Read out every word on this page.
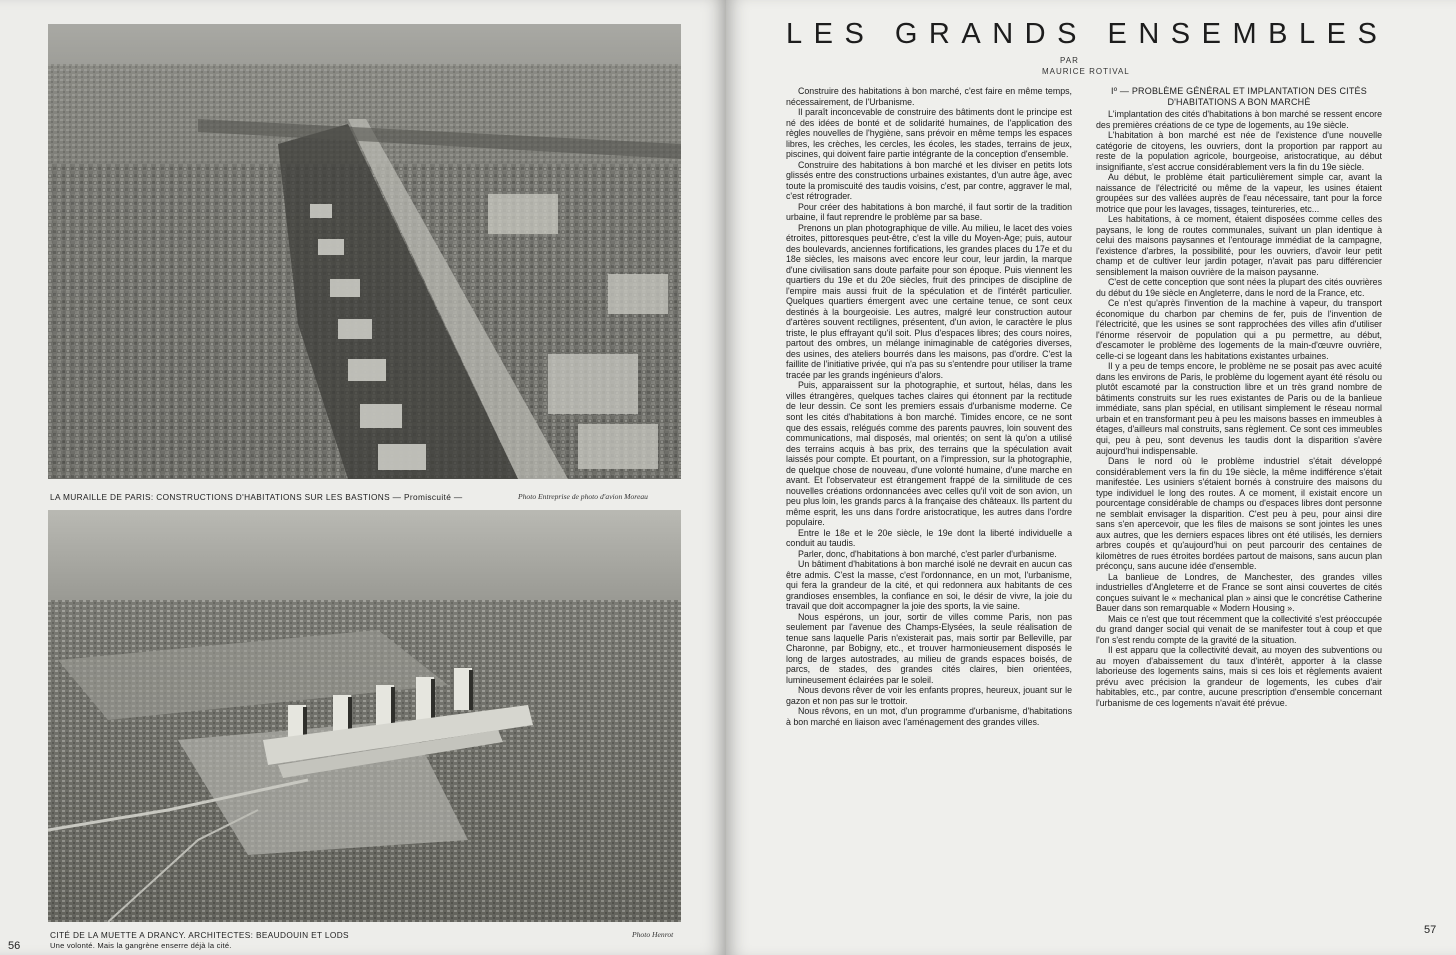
LA MURAILLE DE PARIS: CONSTRUCTIONS D'HABITATIONS SUR LES BASTIONS — Promiscuité —	Photo Entreprise de photo d'avion Moreau
CITÉ DE LA MUETTE A DRANCY. ARCHITECTES: BEAUDOUIN ET LODS
Une volonté. Mais la gangrène enserre déjà la cité.
Photo Henrot
56
LES GRANDS ENSEMBLES
PAR
MAURICE ROTIVAL

Construire des habitations à bon marché, c'est faire en même temps, nécessairement, de l'Urbanisme.

Il paraît inconcevable de construire des bâtiments dont le principe est né des idées de bonté et de solidarité humaines, de l'application des règles nouvelles de l'hygiène, sans prévoir en même temps les espaces libres, les crèches, les cercles, les écoles, les stades, terrains de jeux, piscines, qui doivent faire partie intégrante de la conception d'ensemble.

Construire des habitations à bon marché et les diviser en petits lots glissés entre des constructions urbaines existantes, d'un autre âge, avec toute la promiscuité des taudis voisins, c'est, par contre, aggraver le mal, c'est rétrograder.

Pour créer des habitations à bon marché, il faut sortir de la tradition urbaine, il faut reprendre le problème par sa base.

Prenons un plan photographique de ville. Au milieu, le lacet des voies étroites, pittoresques peut-être, c'est la ville du Moyen-Age; puis, autour des boulevards, anciennes fortifications, les grandes places du 17e et du 18e siècles, les maisons avec encore leur cour, leur jardin, la marque d'une civilisation sans doute parfaite pour son époque. Puis viennent les quartiers du 19e et du 20e siècles, fruit des principes de discipline de l'empire mais aussi fruit de la spéculation et de l'intérêt particulier. Quelques quartiers émergent avec une certaine tenue, ce sont ceux destinés à la bourgeoisie. Les autres, malgré leur construction autour d'artères souvent rectilignes, présentent, d'un avion, le caractère le plus triste, le plus effrayant qu'il soit. Plus d'espaces libres; des cours noires, partout des ombres, un mélange inimaginable de catégories diverses, des usines, des ateliers bourrés dans les maisons, pas d'ordre. C'est la faillite de l'initiative privée, qui n'a pas su s'entendre pour utiliser la trame tracée par les grands ingénieurs d'alors.

Puis, apparaissent sur la photographie, et surtout, hélas, dans les villes étrangères, quelques taches claires qui étonnent par la rectitude de leur dessin. Ce sont les premiers essais d'urbanisme moderne. Ce sont les cités d'habitations à bon marché. Timides encore, ce ne sont que des essais, relégués comme des parents pauvres, loin souvent des communications, mal disposés, mal orientés; on sent là qu'on a utilisé des terrains acquis à bas prix, des terrains que la spéculation avait laissés pour compte. Et pourtant, on a l'impression, sur la photographie, de quelque chose de nouveau, d'une volonté humaine, d'une marche en avant. Et l'observateur est étrangement frappé de la similitude de ces nouvelles créations ordonnancées avec celles qu'il voit de son avion, un peu plus loin, les grands parcs à la française des châteaux. Ils partent du même esprit, les uns dans l'ordre aristocratique, les autres dans l'ordre populaire.

Entre le 18e et le 20e siècle, le 19e dont la liberté individuelle a conduit au taudis.

Parler, donc, d'habitations à bon marché, c'est parler d'urbanisme.

Un bâtiment d'habitations à bon marché isolé ne devrait en aucun cas être admis. C'est la masse, c'est l'ordonnance, en un mot, l'urbanisme, qui fera la grandeur de la cité, et qui redonnera aux habitants de ces grandioses ensembles, la confiance en soi, le désir de vivre, la joie du travail que doit accompagner la joie des sports, la vie saine.

Nous espérons, un jour, sortir de villes comme Paris, non pas seulement par l'avenue des Champs-Elysées, la seule réalisation de tenue sans laquelle Paris n'existerait pas, mais sortir par Belleville, par Charonne, par Bobigny, etc., et trouver harmonieusement disposés le long de larges autostrades, au milieu de grands espaces boisés, de parcs, de stades, des grandes cités claires, bien orientées, lumineusement éclairées par le soleil.

Nous devons rêver de voir les enfants propres, heureux, jouant sur le gazon et non pas sur le trottoir.

Nous rêvons, en un mot, d'un programme d'urbanisme, d'habitations à bon marché en liaison avec l'aménagement des grandes villes.

Iº — PROBLÈME GÉNÉRAL ET IMPLANTATION DES CITÉS
D'HABITATIONS A BON MARCHÉ

L'implantation des cités d'habitations à bon marché se ressent encore des premières créations de ce type de logements, au 19e siècle.

L'habitation à bon marché est née de l'existence d'une nouvelle catégorie de citoyens, les ouvriers, dont la proportion par rapport au reste de la population agricole, bourgeoise, aristocratique, au début insignifiante, s'est accrue considérablement vers la fin du 19e siècle.

Au début, le problème était particulièrement simple car, avant la naissance de l'électricité ou même de la vapeur, les usines étaient groupées sur des vallées auprès de l'eau nécessaire, tant pour la force motrice que pour les lavages, tissages, teintureries, etc...

Les habitations, à ce moment, étaient disposées comme celles des paysans, le long de routes communales, suivant un plan identique à celui des maisons paysannes et l'entourage immédiat de la campagne, l'existence d'arbres, la possibilité, pour les ouvriers, d'avoir leur petit champ et de cultiver leur jardin potager, n'avait pas paru différencier sensiblement la maison ouvrière de la maison paysanne.

C'est de cette conception que sont nées la plupart des cités ouvrières du début du 19e siècle en Angleterre, dans le nord de la France, etc.

Ce n'est qu'après l'invention de la machine à vapeur, du transport économique du charbon par chemins de fer, puis de l'invention de l'électricité, que les usines se sont rapprochées des villes afin d'utiliser l'énorme réservoir de population qui a pu permettre, au début, d'escamoter le problème des logements de la main-d'œuvre ouvrière, celle-ci se logeant dans les habitations existantes urbaines.

Il y a peu de temps encore, le problème ne se posait pas avec acuité dans les environs de Paris, le problème du logement ayant été résolu ou plutôt escamoté par la construction libre et un très grand nombre de bâtiments construits sur les rues existantes de Paris ou de la banlieue immédiate, sans plan spécial, en utilisant simplement le réseau normal urbain et en transformant peu à peu les maisons basses en immeubles à étages, d'ailleurs mal construits, sans règlement. Ce sont ces immeubles qui, peu à peu, sont devenus les taudis dont la disparition s'avère aujourd'hui indispensable.

Dans le nord où le problème industriel s'était développé considérablement vers la fin du 19e siècle, la même indifférence s'était manifestée. Les usiniers s'étaient bornés à construire des maisons du type individuel le long des routes. A ce moment, il existait encore un pourcentage considérable de champs ou d'espaces libres dont personne ne semblait envisager la disparition. C'est peu à peu, pour ainsi dire sans s'en apercevoir, que les files de maisons se sont jointes les unes aux autres, que les derniers espaces libres ont été utilisés, les derniers arbres coupés et qu'aujourd'hui on peut parcourir des centaines de kilomètres de rues étroites bordées partout de maisons, sans aucun plan préconçu, sans aucune idée d'ensemble.

La banlieue de Londres, de Manchester, des grandes villes industrielles d'Angleterre et de France se sont ainsi couvertes de cités conçues suivant le « mechanical plan » ainsi que le concrétise Catherine Bauer dans son remarquable « Modern Housing ».

Mais ce n'est que tout récemment que la collectivité s'est préoccupée du grand danger social qui venait de se manifester tout à coup et que l'on s'est rendu compte de la gravité de la situation.

Il est apparu que la collectivité devait, au moyen des subventions ou au moyen d'abaissement du taux d'intérêt, apporter à la classe laborieuse des logements sains, mais si ces lois et règlements avaient prévu avec précision la grandeur de logements, les cubes d'air habitables, etc., par contre, aucune prescription d'ensemble concernant l'urbanisme de ces logements n'avait été prévue.

57
